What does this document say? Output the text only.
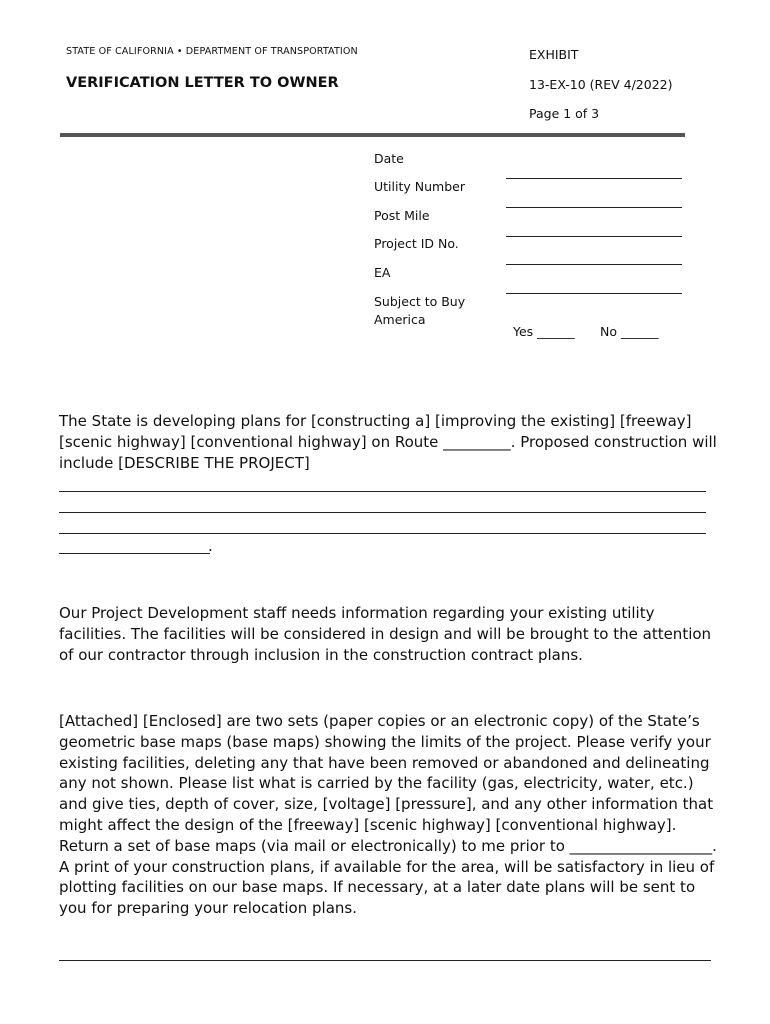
STATE OF CALIFORNIA • DEPARTMENT OF TRANSPORTATION
VERIFICATION LETTER TO OWNER
EXHIBIT
13-EX-10 (REV 4/2022)
Page 1 of 3
Date
Utility Number
Post Mile
Project ID No.
EA
Subject to Buy America
Yes ______ No ______

The State is developing plans for [constructing a] [improving the existing] [freeway] [scenic highway] [conventional highway] on Route _________. Proposed construction will include [DESCRIBE THE PROJECT]

.

Our Project Development staff needs information regarding your existing utility facilities. The facilities will be considered in design and will be brought to the attention of our contractor through inclusion in the construction contract plans.

[Attached] [Enclosed] are two sets (paper copies or an electronic copy) of the State’s geometric base maps (base maps) showing the limits of the project. Please verify your existing facilities, deleting any that have been removed or abandoned and delineating any not shown. Please list what is carried by the facility (gas, electricity, water, etc.) and give ties, depth of cover, size, [voltage] [pressure], and any other information that might affect the design of the [freeway] [scenic highway] [conventional highway]. Return a set of base maps (via mail or electronically) to me prior to ___________________. A print of your construction plans, if available for the area, will be satisfactory in lieu of plotting facilities on our base maps. If necessary, at a later date plans will be sent to you for preparing your relocation plans.
